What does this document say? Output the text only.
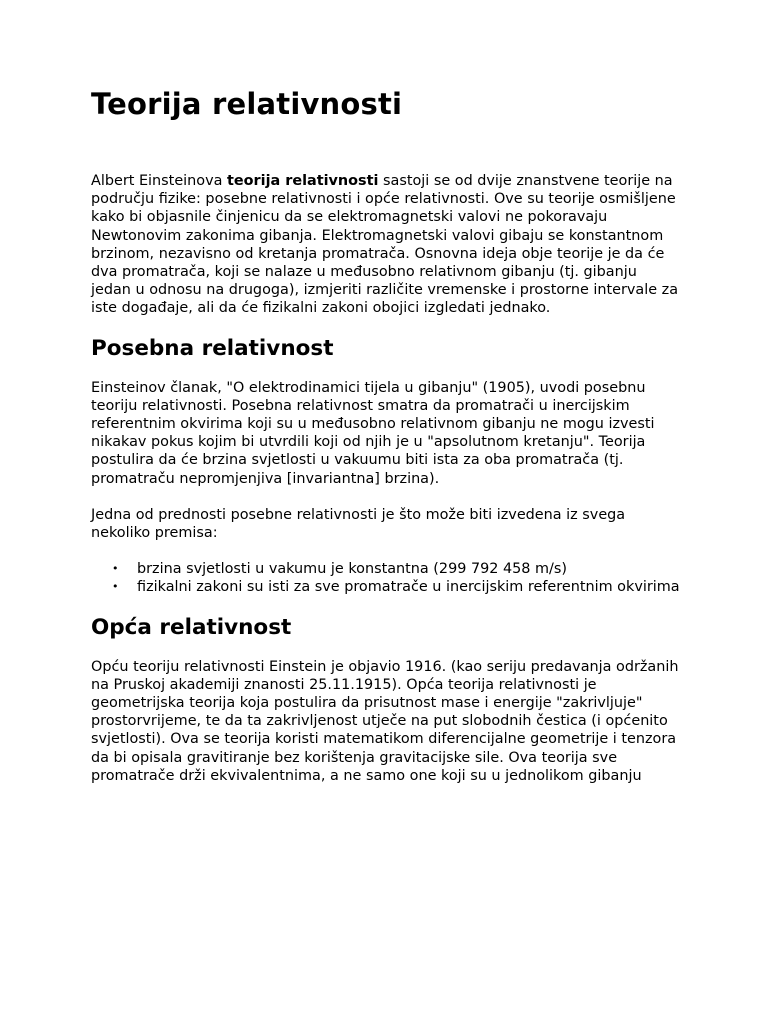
Teorija relativnosti

Albert Einsteinova teorija relativnosti sastoji se od dvije znanstvene teorije na području fizike: posebne relativnosti i opće relativnosti. Ove su teorije osmišljene kako bi objasnile činjenicu da se elektromagnetski valovi ne pokoravaju Newtonovim zakonima gibanja. Elektromagnetski valovi gibaju se konstantnom brzinom, nezavisno od kretanja promatrača. Osnovna ideja obje teorije je da će dva promatrača, koji se nalaze u međusobno relativnom gibanju (tj. gibanju jedan u odnosu na drugoga), izmjeriti različite vremenske i prostorne intervale za iste događaje, ali da će fizikalni zakoni obojici izgledati jednako.

Posebna relativnost

Einsteinov članak, "O elektrodinamici tijela u gibanju" (1905), uvodi posebnu teoriju relativnosti. Posebna relativnost smatra da promatrači u inercijskim referentnim okvirima koji su u međusobno relativnom gibanju ne mogu izvesti nikakav pokus kojim bi utvrdili koji od njih je u "apsolutnom kretanju". Teorija postulira da će brzina svjetlosti u vakuumu biti ista za oba promatrača (tj. promatraču nepromjenjiva [invariantna] brzina).

Jedna od prednosti posebne relativnosti je što može biti izvedena iz svega nekoliko premisa:

• brzina svjetlosti u vakumu je konstantna (299 792 458 m/s)
• fizikalni zakoni su isti za sve promatrače u inercijskim referentnim okvirima
Opća relativnost

Opću teoriju relativnosti Einstein je objavio 1916. (kao seriju predavanja održanih na Pruskoj akademiji znanosti 25.11.1915). Opća teorija relativnosti je geometrijska teorija koja postulira da prisutnost mase i energije "zakrivljuje" prostorvrijeme, te da ta zakrivljenost utječe na put slobodnih čestica (i općenito svjetlosti). Ova se teorija koristi matematikom diferencijalne geometrije i tenzora da bi opisala gravitiranje bez korištenja gravitacijske sile. Ova teorija sve promatrače drži ekvivalentnima, a ne samo one koji su u jednolikom gibanju
